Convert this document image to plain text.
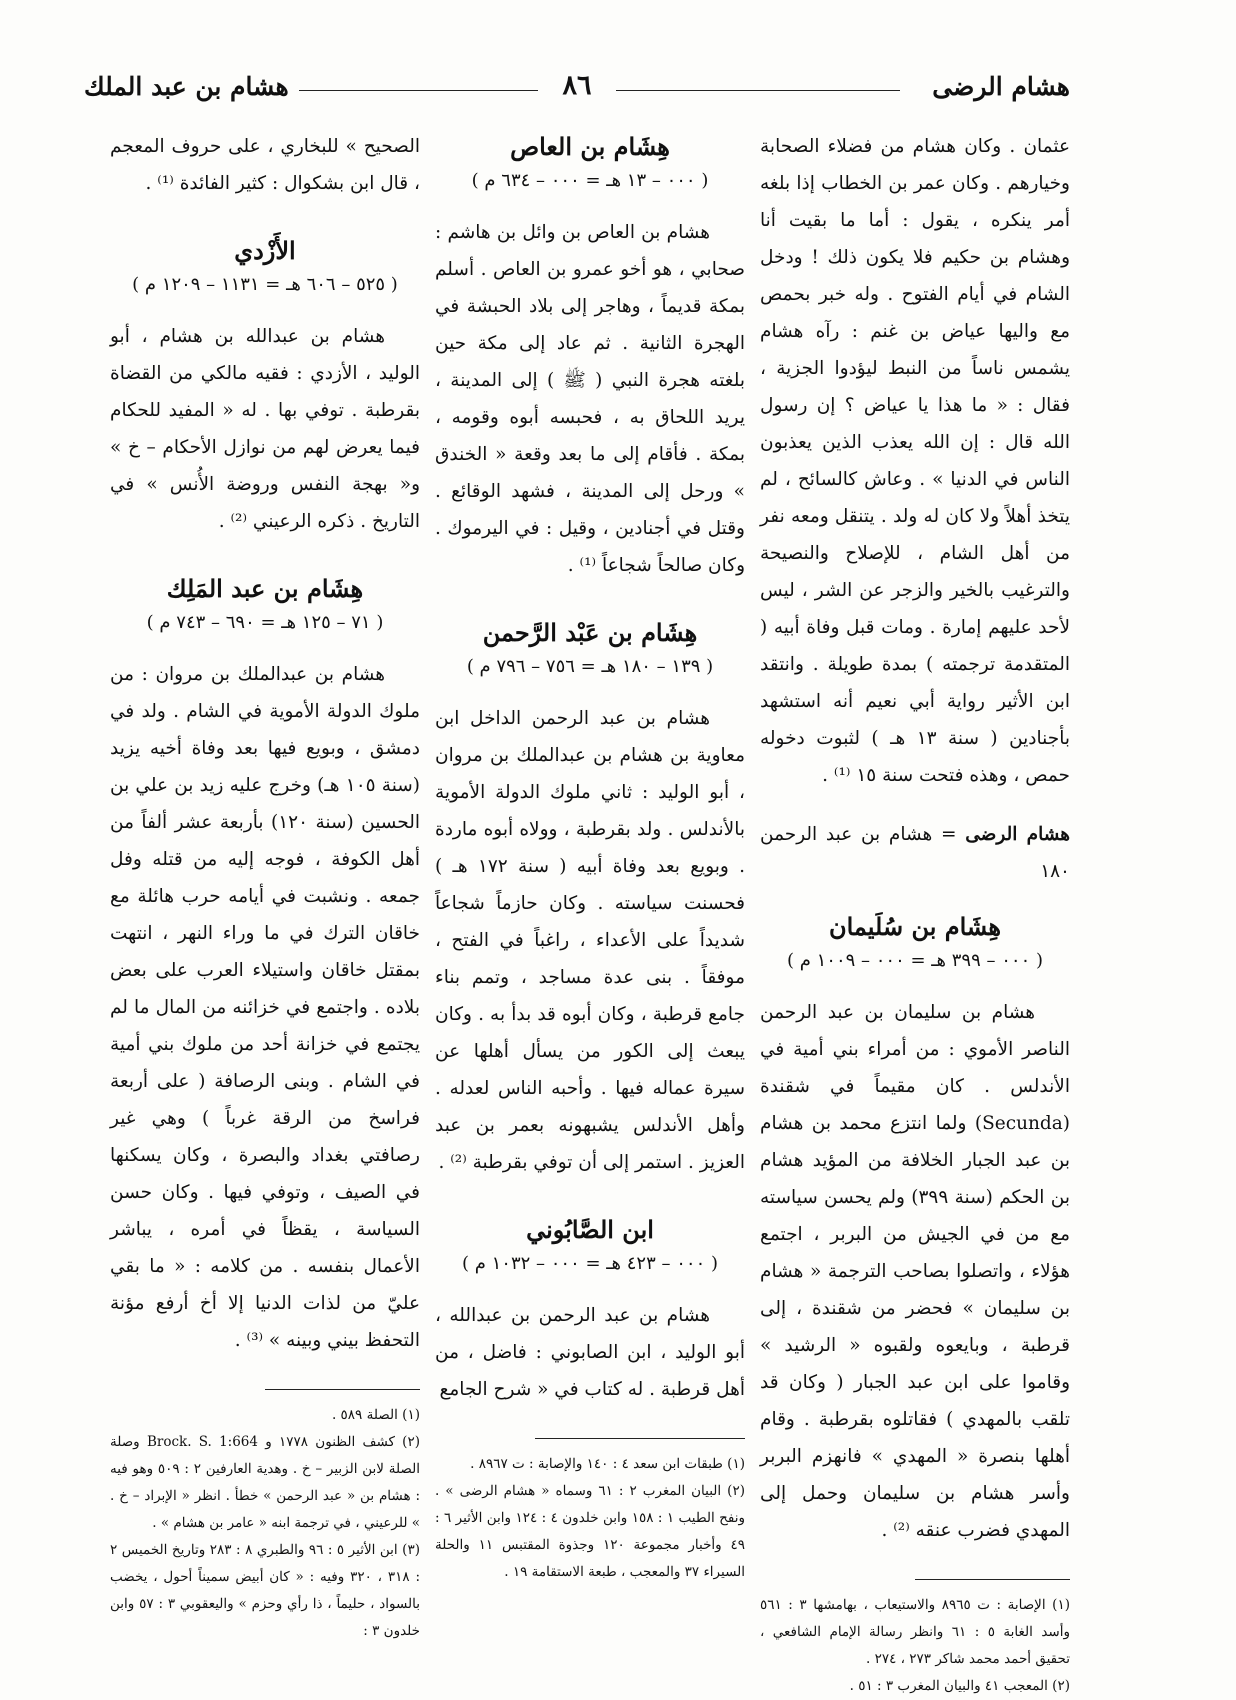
هشام الرضى
٨٦
هشام بن عبد الملك

عثمان . وكان هشام من فضلاء الصحابة وخيارهم . وكان عمر بن الخطاب إذا بلغه أمر ينكره ، يقول : أما ما بقيت أنا وهشام بن حكيم فلا يكون ذلك ! ودخل الشام في أيام الفتوح . وله خبر بحمص مع واليها عياض بن غنم : رآه هشام يشمس ناساً من النبط ليؤدوا الجزية ، فقال : « ما هذا يا عياض ؟ إن رسول الله قال : إن الله يعذب الذين يعذبون الناس في الدنيا » . وعاش كالسائح ، لم يتخذ أهلاً ولا كان له ولد . يتنقل ومعه نفر من أهل الشام ، للإصلاح والنصيحة والترغيب بالخير والزجر عن الشر ، ليس لأحد عليهم إمارة . ومات قبل وفاة أبيه ( المتقدمة ترجمته ) بمدة طويلة . وانتقد ابن الأثير رواية أبي نعيم أنه استشهد بأجنادين ( سنة ١٣ هـ ) لثبوت دخوله حمص ، وهذه فتحت سنة ١٥ ⁽¹⁾ .

هشام الرضى = هشام بن عبد الرحمن ١٨٠
هِشَام بن سُلَيمان
( ٠٠٠ – ٣٩٩ هـ = ٠٠٠ – ١٠٠٩ م )

هشام بن سليمان بن عبد الرحمن الناصر الأموي : من أمراء بني أمية في الأندلس . كان مقيماً في شقندة (Secunda) ولما انتزع محمد بن هشام بن عبد الجبار الخلافة من المؤيد هشام بن الحكم (سنة ٣٩٩) ولم يحسن سياسته مع من في الجيش من البربر ، اجتمع هؤلاء ، واتصلوا بصاحب الترجمة « هشام بن سليمان » فحضر من شقندة ، إلى قرطبة ، وبايعوه ولقبوه « الرشيد » وقاموا على ابن عبد الجبار ( وكان قد تلقب بالمهدي ) فقاتلوه بقرطبة . وقام أهلها بنصرة « المهدي » فانهزم البربر وأسر هشام بن سليمان وحمل إلى المهدي فضرب عنقه ⁽²⁾ .

(١) الإصابة : ت ٨٩٦٥ والاستيعاب ، بهامشها ٣ : ٥٦١ وأسد الغابة ٥ : ٦١ وانظر رسالة الإمام الشافعي ، تحقيق أحمد محمد شاكر ٢٧٣ ، ٢٧٤ .
(٢) المعجب ٤١ والبيان المغرب ٣ : ٥١ .
هِشَام بن العاص
( ٠٠٠ – ١٣ هـ = ٠٠٠ – ٦٣٤ م )

هشام بن العاص بن وائل بن هاشم : صحابي ، هو أخو عمرو بن العاص . أسلم بمكة قديماً ، وهاجر إلى بلاد الحبشة في الهجرة الثانية . ثم عاد إلى مكة حين بلغته هجرة النبي ( ﷺ ) إلى المدينة ، يريد اللحاق به ، فحبسه أبوه وقومه ، بمكة . فأقام إلى ما بعد وقعة « الخندق » ورحل إلى المدينة ، فشهد الوقائع . وقتل في أجنادين ، وقيل : في اليرموك . وكان صالحاً شجاعاً ⁽¹⁾ .

هِشَام بن عَبْد الرَّحمن
( ١٣٩ – ١٨٠ هـ = ٧٥٦ – ٧٩٦ م )

هشام بن عبد الرحمن الداخل ابن معاوية بن هشام بن عبدالملك بن مروان ، أبو الوليد : ثاني ملوك الدولة الأموية بالأندلس . ولد بقرطبة ، وولاه أبوه ماردة . وبويع بعد وفاة أبيه ( سنة ١٧٢ هـ ) فحسنت سياسته . وكان حازماً شجاعاً شديداً على الأعداء ، راغباً في الفتح ، موفقاً . بنى عدة مساجد ، وتمم بناء جامع قرطبة ، وكان أبوه قد بدأ به . وكان يبعث إلى الكور من يسأل أهلها عن سيرة عماله فيها . وأحبه الناس لعدله . وأهل الأندلس يشبهونه بعمر بن عبد العزيز . استمر إلى أن توفي بقرطبة ⁽²⁾ .

ابن الصَّابُوني
( ٠٠٠ – ٤٢٣ هـ = ٠٠٠ – ١٠٣٢ م )

هشام بن عبد الرحمن بن عبدالله ، أبو الوليد ، ابن الصابوني : فاضل ، من أهل قرطبة . له كتاب في « شرح الجامع

(١) طبقات ابن سعد ٤ : ١٤٠ والإصابة : ت ٨٩٦٧ .
(٢) البيان المغرب ٢ : ٦١ وسماه « هشام الرضى » . ونفح الطيب ١ : ١٥٨ وابن خلدون ٤ : ١٢٤ وابن الأثير ٦ : ٤٩ وأخبار مجموعة ١٢٠ وجذوة المقتبس ١١ والحلة السيراء ٣٧ والمعجب ، طبعة الاستقامة ١٩ .

الصحيح » للبخاري ، على حروف المعجم ، قال ابن بشكوال : كثير الفائدة ⁽¹⁾ .

الأَزْدي
( ٥٢٥ – ٦٠٦ هـ = ١١٣١ – ١٢٠٩ م )

هشام بن عبدالله بن هشام ، أبو الوليد ، الأزدي : فقيه مالكي من القضاة بقرطبة . توفي بها . له « المفيد للحكام فيما يعرض لهم من نوازل الأحكام – خ » و« بهجة النفس وروضة الأُنس » في التاريخ . ذكره الرعيني ⁽²⁾ .

هِشَام بن عبد المَلِك
( ٧١ – ١٢٥ هـ = ٦٩٠ – ٧٤٣ م )

هشام بن عبدالملك بن مروان : من ملوك الدولة الأموية في الشام . ولد في دمشق ، وبويع فيها بعد وفاة أخيه يزيد (سنة ١٠٥ هـ) وخرج عليه زيد بن علي بن الحسين (سنة ١٢٠) بأربعة عشر ألفاً من أهل الكوفة ، فوجه إليه من قتله وفل جمعه . ونشبت في أيامه حرب هائلة مع خاقان الترك في ما وراء النهر ، انتهت بمقتل خاقان واستيلاء العرب على بعض بلاده . واجتمع في خزائنه من المال ما لم يجتمع في خزانة أحد من ملوك بني أمية في الشام . وبنى الرصافة ( على أربعة فراسخ من الرقة غرباً ) وهي غير رصافتي بغداد والبصرة ، وكان يسكنها في الصيف ، وتوفي فيها . وكان حسن السياسة ، يقظاً في أمره ، يباشر الأعمال بنفسه . من كلامه : « ما بقي عليّ من لذات الدنيا إلا أخ أرفع مؤنة التحفظ بيني وبينه » ⁽³⁾ .

(١) الصلة ٥٨٩ .
(٢) كشف الظنون ١٧٧٨ و Brock. S. 1:664 وصلة الصلة لابن الزبير – خ . وهدية العارفين ٢ : ٥٠٩ وهو فيه : هشام بن « عبد الرحمن » خطأ . انظر « الإبراد – خ . » للرعيني ، في ترجمة ابنه « عامر بن هشام » .
(٣) ابن الأثير ٥ : ٩٦ والطبري ٨ : ٢٨٣ وتاريخ الخميس ٢ : ٣١٨ ، ٣٢٠ وفيه : « كان أبيض سميناً أحول ، يخضب بالسواد ، حليماً ، ذا رأي وحزم » واليعقوبي ٣ : ٥٧ وابن خلدون ٣ :
